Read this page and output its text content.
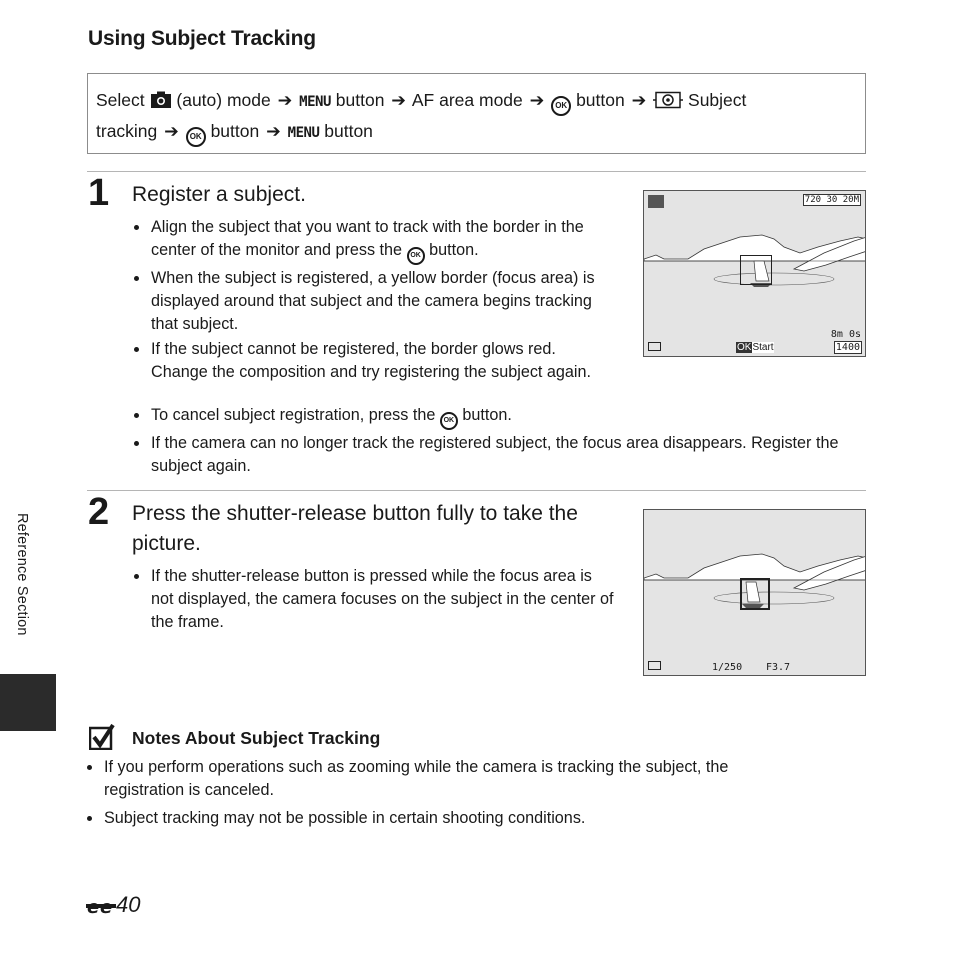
Using Subject Tracking
Select (auto) mode ➔ MENU button ➔ AF area mode ➔ OK button ➔ Subject
tracking ➔ OK button ➔ MENU button
1 Register a subject.
Align the subject that you want to track with the border in the center of the monitor and press the OK button.
When the subject is registered, a yellow border (focus area) is displayed around that subject and the camera begins tracking that subject.
If the subject cannot be registered, the border glows red. Change the composition and try registering the subject again.
To cancel subject registration, press the OK button.
If the camera can no longer track the registered subject, the focus area disappears. Register the subject again.
720 30 20M
OKStart
8m 0s
1400
2 Press the shutter-release button fully to take the picture.
If the shutter-release button is pressed while the focus area is not displayed, the camera focuses on the subject in the center of the frame.
1/250 F3.7
Reference Section
Notes About Subject Tracking
If you perform operations such as zooming while the camera is tracking the subject, the registration is canceled.
Subject tracking may not be possible in certain shooting conditions.
e e 40
